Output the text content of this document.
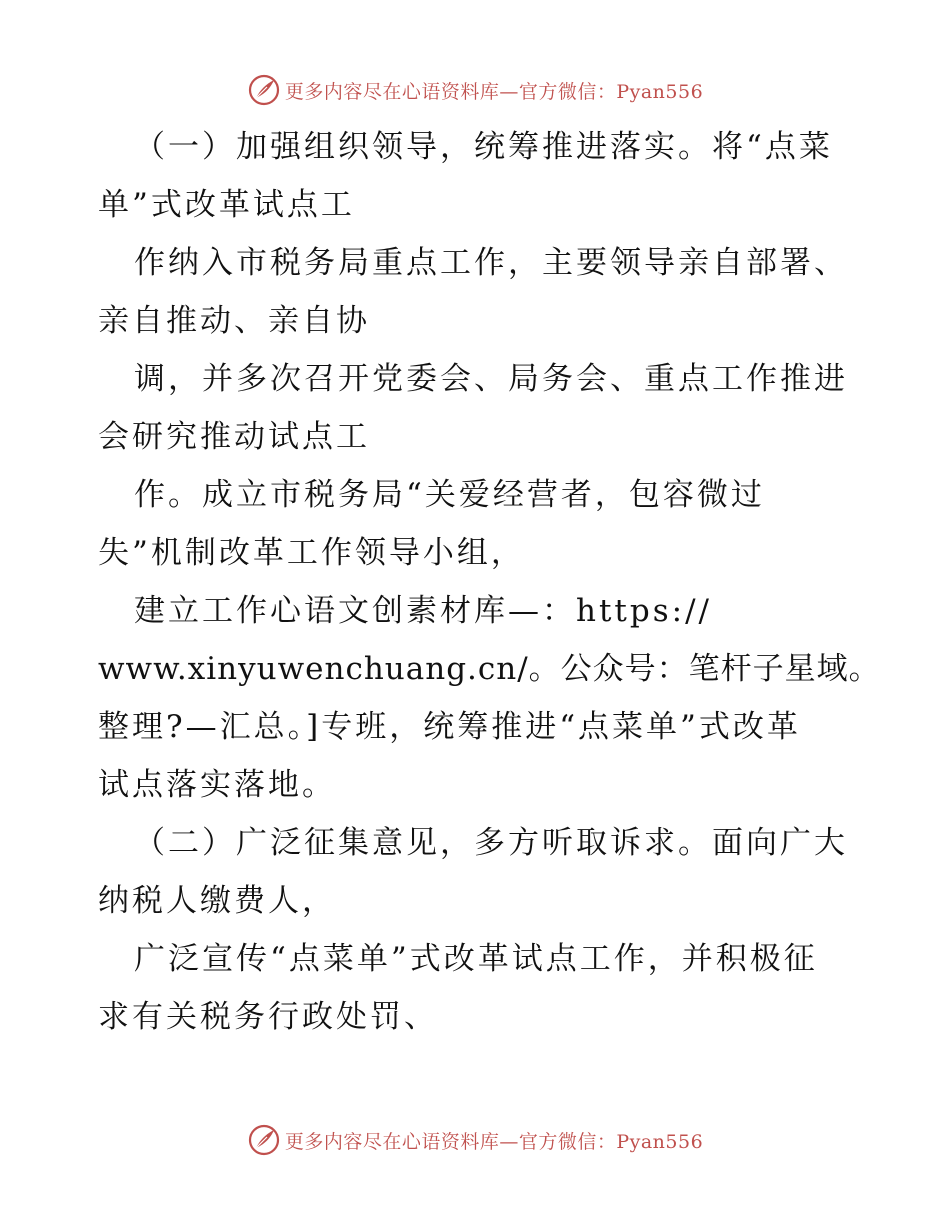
更多内容尽在心语资料库—官方微信：Pyan556
（一）加强组织领导，统筹推进落实。将“点菜
单”式改革试点工
作纳入市税务局重点工作，主要领导亲自部署、
亲自推动、亲自协
调，并多次召开党委会、局务会、重点工作推进
会研究推动试点工
作。成立市税务局“关爱经营者，包容微过
失”机制改革工作领导小组，
建立工作心语文创素材库—：https://
www.xinyuwenchuang.cn/。公众号：笔杆子星域。
整理?—汇总。]专班，统筹推进“点菜单”式改革
试点落实落地。
（二）广泛征集意见，多方听取诉求。面向广大
纳税人缴费人，
广泛宣传“点菜单”式改革试点工作，并积极征
求有关税务行政处罚、
更多内容尽在心语资料库—官方微信：Pyan556
